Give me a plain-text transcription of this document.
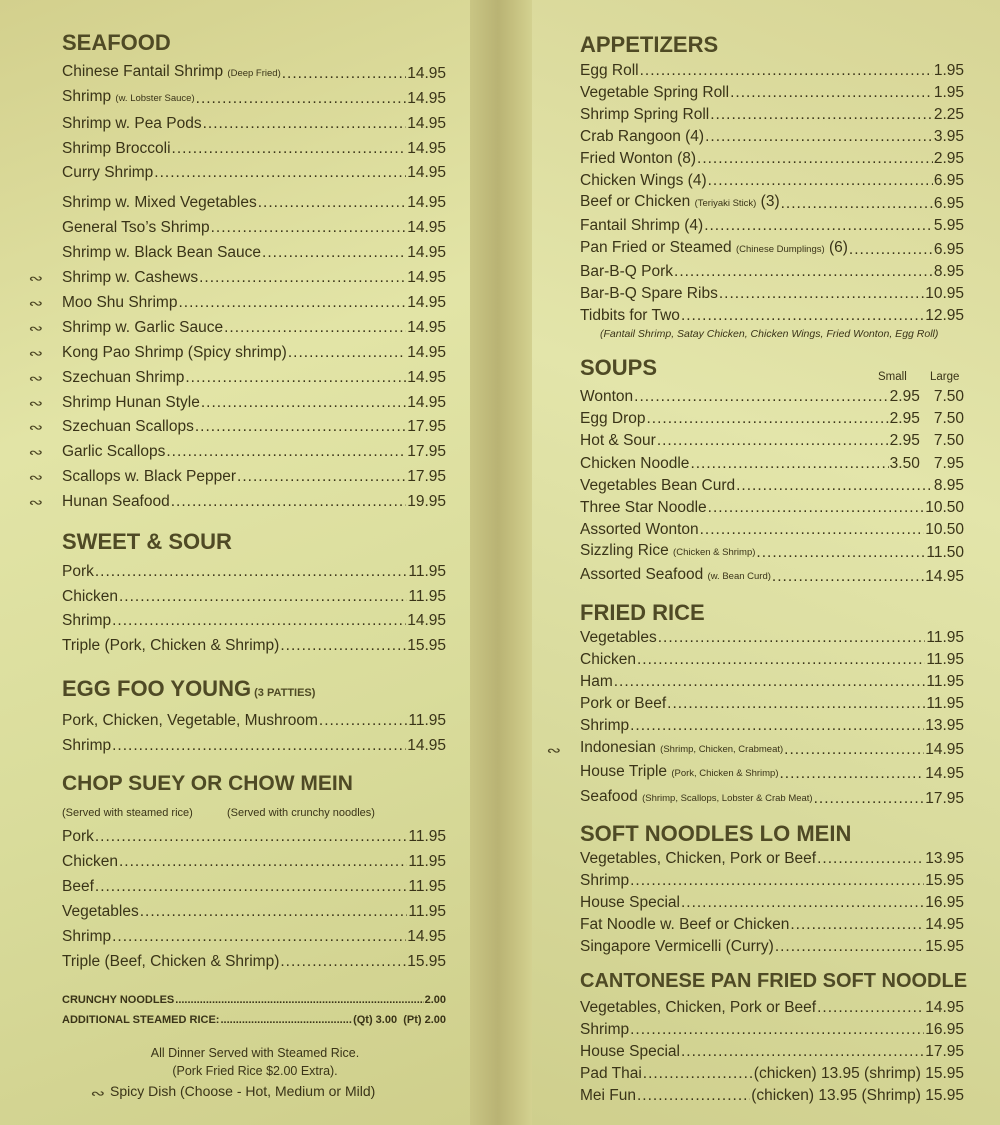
SEAFOOD
Chinese Fantail Shrimp (Deep Fried) .....	14.95
Shrimp (w. Lobster Sauce) .....	14.95
Shrimp w. Pea Pods .....	14.95
Shrimp Broccoli .....	14.95
Curry Shrimp .....	14.95
Shrimp w. Mixed Vegetables .....	14.95
General Tso’s Shrimp .....	14.95
Shrimp w. Black Bean Sauce .....	14.95
Shrimp w. Cashews .....	14.95
∾
Moo Shu Shrimp .....	14.95
∾
Shrimp w. Garlic Sauce .....	14.95
∾
Kong Pao Shrimp (Spicy shrimp) .....	14.95
∾
Szechuan Shrimp .....	14.95
∾
Shrimp Hunan Style .....	14.95
∾
Szechuan Scallops .....	17.95
∾
Garlic Scallops .....	17.95
∾
Scallops w. Black Pepper .....	17.95
∾
Hunan Seafood .....	19.95
∾
SWEET & SOUR
Pork .....	11.95
Chicken .....	11.95
Shrimp .....	14.95
Triple (Pork, Chicken & Shrimp) .....	15.95
EGG FOO YOUNG (3 PATTIES)
Pork, Chicken, Vegetable, Mushroom .....	11.95
Shrimp .....	14.95
CHOP SUEY OR CHOW MEIN
(Served with steamed rice)	(Served with crunchy noodles)
Pork .....	11.95
Chicken .....	11.95
Beef .....	11.95
Vegetables .....	11.95
Shrimp .....	14.95
Triple (Beef, Chicken & Shrimp) .....	15.95
CRUNCHY NOODLES .....	2.00
ADDITIONAL STEAMED RICE: .....	(Qt) 3.00 (Pt) 2.00
All Dinner Served with Steamed Rice.
(Pork Fried Rice $2.00 Extra).
∾ Spicy Dish (Choose - Hot, Medium or Mild)
APPETIZERS
Egg Roll .....	1.95
Vegetable Spring Roll .....	1.95
Shrimp Spring Roll .....	2.25
Crab Rangoon (4) .....	3.95
Fried Wonton (8) .....	2.95
Chicken Wings (4) .....	6.95
Beef or Chicken (Teriyaki Stick) (3) .....	6.95
Fantail Shrimp (4) .....	5.95
Pan Fried or Steamed (Chinese Dumplings) (6) .....	6.95
Bar-B-Q Pork .....	8.95
Bar-B-Q Spare Ribs .....	10.95
Tidbits for Two .....	12.95
(Fantail Shrimp, Satay Chicken, Chicken Wings, Fried Wonton, Egg Roll)
SOUPS	Small Large
Wonton .....	2.95 7.50
Egg Drop .....	2.95 7.50
Hot & Sour .....	2.95 7.50
Chicken Noodle .....	3.50 7.95
Vegetables Bean Curd .....	8.95
Three Star Noodle .....	10.50
Assorted Wonton .....	10.50
Sizzling Rice (Chicken & Shrimp) .....	11.50
Assorted Seafood (w. Bean Curd) .....	14.95
FRIED RICE
Vegetables .....	11.95
Chicken .....	11.95
Ham .....	11.95
Pork or Beef .....	11.95
Shrimp .....	13.95
Indonesian (Shrimp, Chicken, Crabmeat) .....	14.95
∾
House Triple (Pork, Chicken & Shrimp) .....	14.95
Seafood (Shrimp, Scallops, Lobster & Crab Meat) .....	17.95
SOFT NOODLES LO MEIN
Vegetables, Chicken, Pork or Beef .....	13.95
Shrimp .....	15.95
House Special .....	16.95
Fat Noodle w. Beef or Chicken .....	14.95
Singapore Vermicelli (Curry) .....	15.95
CANTONESE PAN FRIED SOFT NOODLE
Vegetables, Chicken, Pork or Beef .....	14.95
Shrimp .....	16.95
House Special .....	17.95
Pad Thai .....	(chicken) 13.95 (shrimp) 15.95
Mei Fun .....	(chicken) 13.95 (Shrimp) 15.95
